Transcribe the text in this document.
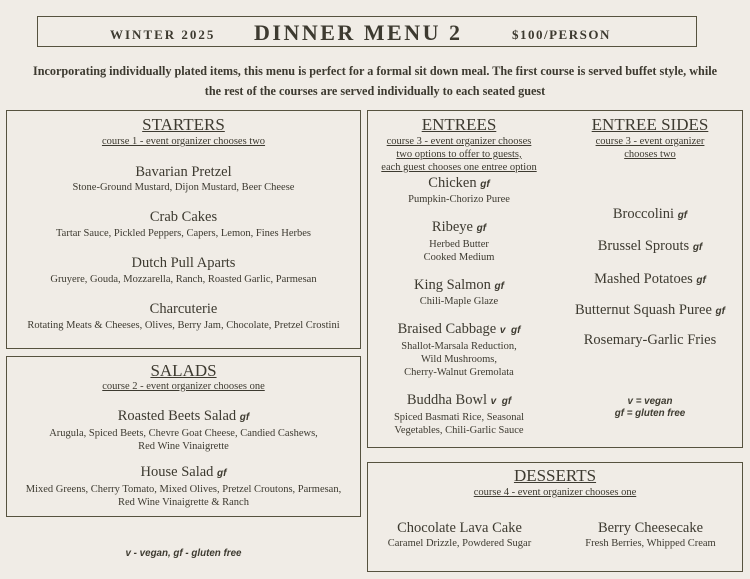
WINTER 2025 DINNER MENU 2	$100/PERSON
Incorporating individually plated items, this menu is perfect for a formal sit down meal. The first course is served buffet style, while the rest of the courses are served individually to each seated guest
STARTERS
course 1 - event organizer chooses two
Bavarian Pretzel
Stone-Ground Mustard, Dijon Mustard, Beer Cheese
Crab Cakes
Tartar Sauce, Pickled Peppers, Capers, Lemon, Fines Herbes
Dutch Pull Aparts
Gruyere, Gouda, Mozzarella, Ranch, Roasted Garlic, Parmesan
Charcuterie
Rotating Meats & Cheeses, Olives, Berry Jam, Chocolate, Pretzel Crostini
SALADS
course 2 - event organizer chooses one
Roasted Beets Salad gf
Arugula, Spiced Beets, Chevre Goat Cheese, Candied Cashews,
Red Wine Vinaigrette
House Salad gf
Mixed Greens, Cherry Tomato, Mixed Olives, Pretzel Croutons, Parmesan,
Red Wine Vinaigrette & Ranch
v - vegan, gf - gluten free
ENTREES
course 3 - event organizer chooses
two options to offer to guests,
each guest chooses one entree option
Chicken gf
Pumpkin-Chorizo Puree
Ribeye gf
Herbed Butter
Cooked Medium
King Salmon gf
Chili-Maple Glaze
Braised Cabbage v  gf
Shallot-Marsala Reduction,
Wild Mushrooms,
Cherry-Walnut Gremolata
Buddha Bowl v  gf
Spiced Basmati Rice, Seasonal
Vegetables, Chili-Garlic Sauce
ENTREE SIDES
course 3 - event organizer
chooses two
Broccolini gf
Brussel Sprouts gf
Mashed Potatoes gf
Butternut Squash Puree gf
Rosemary-Garlic Fries
v = vegan
gf = gluten free
DESSERTS
course 4 - event organizer chooses one
Chocolate Lava Cake
Caramel Drizzle, Powdered Sugar
Berry Cheesecake
Fresh Berries, Whipped Cream
